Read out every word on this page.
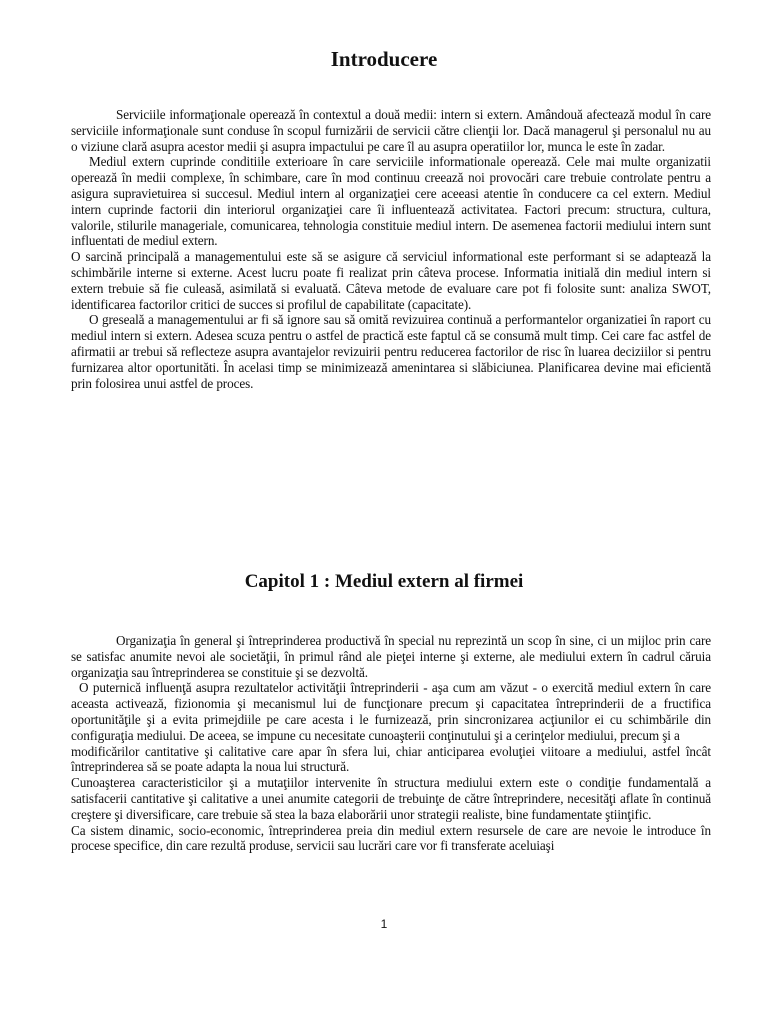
Introducere

Serviciile informaţionale operează în contextul a două medii: intern si extern. Amândouă afectează modul în care serviciile informaţionale sunt conduse în scopul furnizării de servicii către clienţii lor. Dacă managerul şi personalul nu au o viziune clară asupra acestor medii şi asupra impactului pe care îl au asupra operatiilor lor, munca le este în zadar.

Mediul extern cuprinde conditiile exterioare în care serviciile informationale operează. Cele mai multe organizatii operează în medii complexe, în schimbare, care în mod continuu creează noi provocări care trebuie controlate pentru a asigura supravietuirea si succesul. Mediul intern al organizaţiei cere aceeasi atentie în conducere ca cel extern. Mediul intern cuprinde factorii din interiorul organizaţiei care îi influentează activitatea. Factori precum: structura, cultura, valorile, stilurile manageriale, comunicarea, tehnologia constituie mediul intern. De asemenea factorii mediului intern sunt influentati de mediul extern.

O sarcină principală a managementului este să se asigure că serviciul informational este performant si se adaptează la schimbările interne si externe. Acest lucru poate fi realizat prin câteva procese. Informatia initială din mediul intern si extern trebuie să fie culeasă, asimilată si evaluată. Câteva metode de evaluare care pot fi folosite sunt: analiza SWOT, identificarea factorilor critici de succes si profilul de capabilitate (capacitate).

O greseală a managementului ar fi să ignore sau să omită revizuirea continuă a performantelor organizatiei în raport cu mediul intern si extern. Adesea scuza pentru o astfel de practică este faptul că se consumă mult timp. Cei care fac astfel de afirmatii ar trebui să reflecteze asupra avantajelor revizuirii pentru reducerea factorilor de risc în luarea deciziilor si pentru furnizarea altor oportunităti. În acelasi timp se minimizează amenintarea si slăbiciunea. Planificarea devine mai eficientă prin folosirea unui astfel de proces.

Capitol 1 : Mediul extern al firmei

Organizaţia în general şi întreprinderea productivă în special nu reprezintă un scop în sine, ci un mijloc prin care se satisfac anumite nevoi ale societăţii, în primul rând ale pieţei interne şi externe, ale mediului extern în cadrul căruia organizaţia sau întreprinderea se constituie şi se dezvoltă.

O puternică influenţă asupra rezultatelor activităţii întreprinderii - aşa cum am văzut - o exercită mediul extern în care aceasta activează, fizionomia şi mecanismul lui de funcţionare precum şi capacitatea întreprinderii de a fructifica oportunităţile şi a evita primejdiile pe care acesta i le furnizează, prin sincronizarea acţiunilor ei cu schimbările din configuraţia mediului. De aceea, se impune cu necesitate cunoaşterii conţinutului şi a cerinţelor mediului, precum şi a

modificărilor cantitative şi calitative care apar în sfera lui, chiar anticiparea evoluţiei viitoare a mediului, astfel încât întreprinderea să se poate adapta la noua lui structură.

Cunoaşterea caracteristicilor şi a mutaţiilor intervenite în structura mediului extern este o condiţie fundamentală a satisfacerii cantitative şi calitative a unei anumite categorii de trebuinţe de către întreprindere, necesităţi aflate în continuă creştere şi diversificare, care trebuie să stea la baza elaborării unor strategii realiste, bine fundamentate ştiinţific.

Ca sistem dinamic, socio-economic, întreprinderea preia din mediul extern resursele de care are nevoie le introduce în procese specifice, din care rezultă produse, servicii sau lucrări care vor fi transferate aceluiaşi

1
